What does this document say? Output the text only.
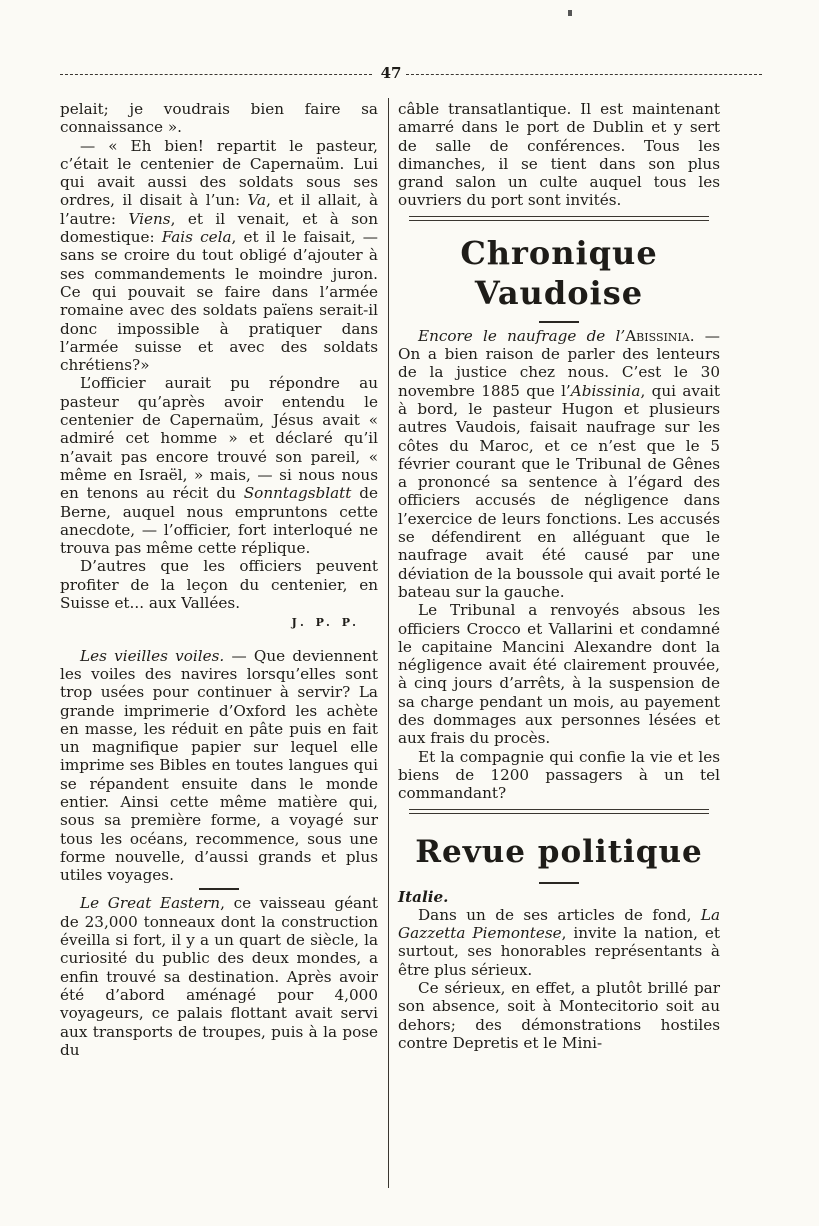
47

pelait; je voudrais bien faire sa connaissance ».

— « Eh bien! repartit le pasteur, c’était le centenier de Capernaüm. Lui qui avait aussi des soldats sous ses ordres, il disait à l’un: Va, et il allait, à l’autre: Viens, et il venait, et à son domestique: Fais cela, et il le faisait, — sans se croire du tout obligé d’ajouter à ses commandements le moindre juron. Ce qui pouvait se faire dans l’armée romaine avec des soldats païens serait-il donc impossible à pratiquer dans l’armée suisse et avec des soldats chrétiens?»

L’officier aurait pu répondre au pasteur qu’après avoir entendu le centenier de Capernaüm, Jésus avait « admiré cet homme » et déclaré qu’il n’avait pas encore trouvé son pareil, « même en Israël, » mais, — si nous nous en tenons au récit du Sonntagsblatt de Berne, auquel nous empruntons cette anecdote, — l’officier, fort interloqué ne trouva pas même cette réplique.

D’autres que les officiers peuvent profiter de la leçon du centenier, en Suisse et... aux Vallées.

J. P. P.

Les vieilles voiles. — Que deviennent les voiles des navires lorsqu’elles sont trop usées pour continuer à servir? La grande imprimerie d’Oxford les achète en masse, les réduit en pâte puis en fait un magnifique papier sur lequel elle imprime ses Bibles en toutes langues qui se répandent ensuite dans le monde entier. Ainsi cette même matière qui, sous sa première forme, a voyagé sur tous les océans, recommence, sous une forme nouvelle, d’aussi grands et plus utiles voyages.

Le Great Eastern, ce vaisseau géant de 23,000 tonneaux dont la construction éveilla si fort, il y a un quart de siècle, la curiosité du public des deux mondes, a enfin trouvé sa destination. Après avoir été d’abord aménagé pour 4,000 voyageurs, ce palais flottant avait servi aux transports de troupes, puis à la pose du

câble transatlantique. Il est maintenant amarré dans le port de Dublin et y sert de salle de conférences. Tous les dimanches, il se tient dans son plus grand salon un culte auquel tous les ouvriers du port sont invités.

Chronique Vaudoise

Encore le naufrage de l’Abissinia. — On a bien raison de parler des lenteurs de la justice chez nous. C’est le 30 novembre 1885 que l’Abissinia, qui avait à bord, le pasteur Hugon et plusieurs autres Vaudois, faisait naufrage sur les côtes du Maroc, et ce n’est que le 5 février courant que le Tribunal de Gênes a prononcé sa sentence à l’égard des officiers accusés de négligence dans l’exercice de leurs fonctions. Les accusés se défendirent en alléguant que le naufrage avait été causé par une déviation de la boussole qui avait porté le bateau sur la gauche.

Le Tribunal a renvoyés absous les officiers Crocco et Vallarini et condamné le capitaine Mancini Alexandre dont la négligence avait été clairement prouvée, à cinq jours d’arrêts, à la suspension de sa charge pendant un mois, au payement des dommages aux personnes lésées et aux frais du procès.

Et la compagnie qui confie la vie et les biens de 1200 passagers à un tel commandant?

Revue politique

Italie.

Dans un de ses articles de fond, La Gazzetta Piemontese, invite la nation, et surtout, ses honorables représentants à être plus sérieux.

Ce sérieux, en effet, a plutôt brillé par son absence, soit à Montecitorio soit au dehors; des démonstrations hostiles contre Depretis et le Mini-
